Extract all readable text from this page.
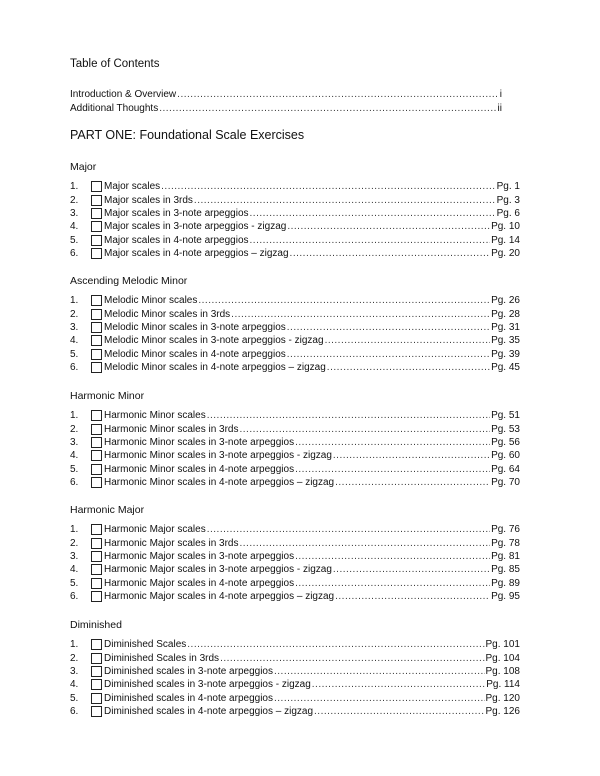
Table of Contents
Introduction & Overview .....	i
Additional Thoughts .....	ii
PART ONE: Foundational Scale Exercises
Major
1.	Major scales .....	Pg. 1
2.	Major scales in 3rds .....	Pg. 3
3.	Major scales in 3-note arpeggios .....	Pg. 6
4.	Major scales in 3-note arpeggios - zigzag .....	Pg. 10
5.	Major scales in 4-note arpeggios .....	Pg. 14
6.	Major scales in 4-note arpeggios – zigzag .....	Pg. 20
Ascending Melodic Minor
1.	Melodic Minor scales .....	Pg. 26
2.	Melodic Minor scales in 3rds .....	Pg. 28
3.	Melodic Minor scales in 3-note arpeggios .....	Pg. 31
4.	Melodic Minor scales in 3-note arpeggios - zigzag .....	Pg. 35
5.	Melodic Minor scales in 4-note arpeggios .....	Pg. 39
6.	Melodic Minor scales in 4-note arpeggios – zigzag .....	Pg. 45
Harmonic Minor
1.	Harmonic Minor scales .....	Pg. 51
2.	Harmonic Minor scales in 3rds .....	Pg. 53
3.	Harmonic Minor scales in 3-note arpeggios .....	Pg. 56
4.	Harmonic Minor scales in 3-note arpeggios - zigzag .....	Pg. 60
5.	Harmonic Minor scales in 4-note arpeggios .....	Pg. 64
6.	Harmonic Minor scales in 4-note arpeggios – zigzag .....	Pg. 70
Harmonic Major
1.	Harmonic Major scales .....	Pg. 76
2.	Harmonic Major scales in 3rds .....	Pg. 78
3.	Harmonic Major scales in 3-note arpeggios .....	Pg. 81
4.	Harmonic Major scales in 3-note arpeggios - zigzag .....	Pg. 85
5.	Harmonic Major scales in 4-note arpeggios .....	Pg. 89
6.	Harmonic Major scales in 4-note arpeggios – zigzag .....	Pg. 95
Diminished
1.	Diminished Scales .....	Pg. 101
2.	Diminished Scales in 3rds .....	Pg. 104
3.	Diminished scales in 3-note arpeggios .....	Pg. 108
4.	Diminished scales in 3-note arpeggios - zigzag .....	Pg. 114
5.	Diminished scales in 4-note arpeggios .....	Pg. 120
6.	Diminished scales in 4-note arpeggios – zigzag .....	Pg. 126
